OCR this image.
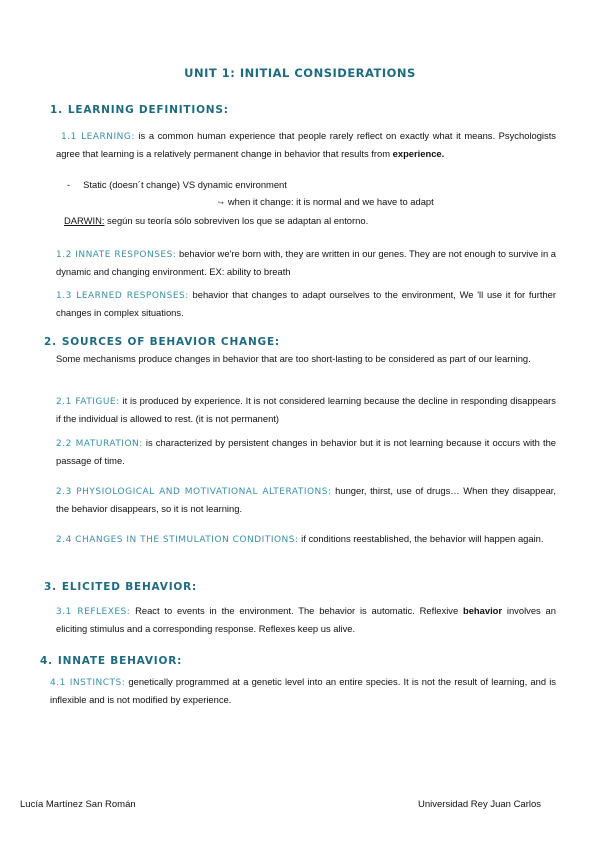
UNIT 1: INITIAL CONSIDERATIONS
1. LEARNING DEFINITIONS:
1.1 LEARNING: is a common human experience that people rarely reflect on exactly what it means. Psychologists agree that learning is a relatively permanent change in behavior that results from experience.
- Static (doesn´t change) VS dynamic environment
↪ when it change: it is normal and we have to adapt
DARWIN: según su teoría sólo sobreviven los que se adaptan al entorno.
1.2 INNATE RESPONSES: behavior we're born with, they are written in our genes. They are not enough to survive in a dynamic and changing environment. EX: ability to breath
1.3 LEARNED RESPONSES: behavior that changes to adapt ourselves to the environment, We 'll use it for further changes in complex situations.
2. SOURCES OF BEHAVIOR CHANGE:
Some mechanisms produce changes in behavior that are too short-lasting to be considered as part of our learning.
2.1 FATIGUE: it is produced by experience. It is not considered learning because the decline in responding disappears if the individual is allowed to rest. (it is not permanent)
2.2 MATURATION: is characterized by persistent changes in behavior but it is not learning because it occurs with the passage of time.
2.3 PHYSIOLOGICAL AND MOTIVATIONAL ALTERATIONS: hunger, thirst, use of drugs… When they disappear, the behavior disappears, so it is not learning.
2.4 CHANGES IN THE STIMULATION CONDITIONS: if conditions reestablished, the behavior will happen again.
3. ELICITED BEHAVIOR:
3.1 REFLEXES: React to events in the environment. The behavior is automatic. Reflexive behavior involves an eliciting stimulus and a corresponding response. Reflexes keep us alive.
4. INNATE BEHAVIOR:
4.1 INSTINCTS: genetically programmed at a genetic level into an entire species. It is not the result of learning, and is inflexible and is not modified by experience.
Lucía Martínez San Román	Universidad Rey Juan Carlos
